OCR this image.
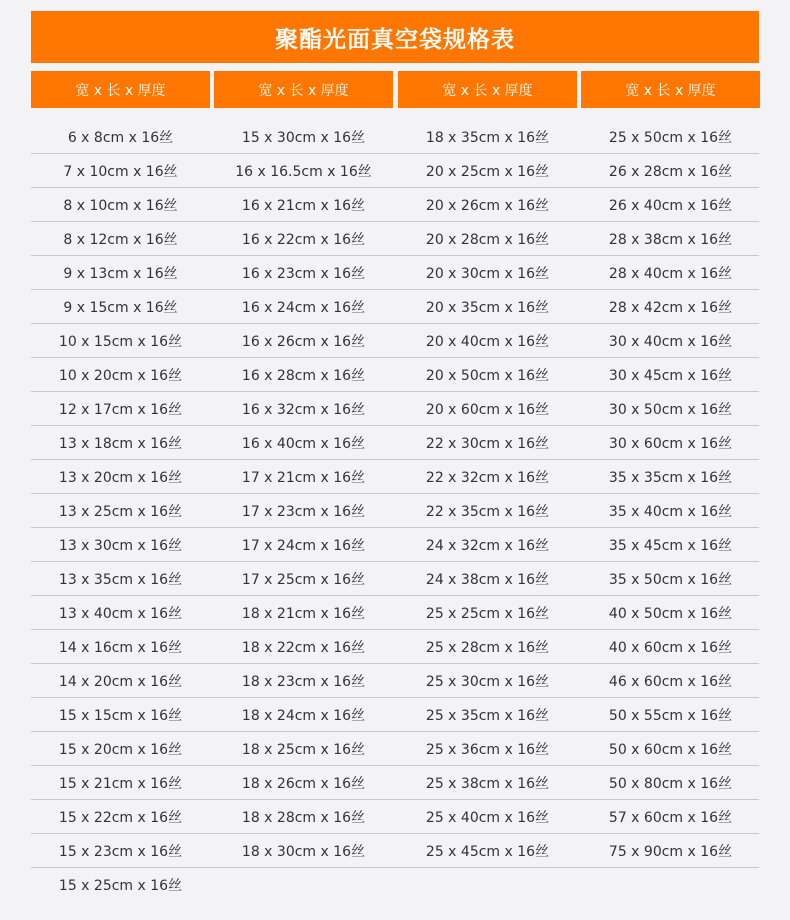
聚酯光面真空袋规格表
宽 x 长 x 厚度	宽 x 长 x 厚度	宽 x 长 x 厚度	宽 x 长 x 厚度
6 x 8cm x 16丝	15 x 30cm x 16丝	18 x 35cm x 16丝	25 x 50cm x 16丝
7 x 10cm x 16丝	16 x 16.5cm x 16丝	20 x 25cm x 16丝	26 x 28cm x 16丝
8 x 10cm x 16丝	16 x 21cm x 16丝	20 x 26cm x 16丝	26 x 40cm x 16丝
8 x 12cm x 16丝	16 x 22cm x 16丝	20 x 28cm x 16丝	28 x 38cm x 16丝
9 x 13cm x 16丝	16 x 23cm x 16丝	20 x 30cm x 16丝	28 x 40cm x 16丝
9 x 15cm x 16丝	16 x 24cm x 16丝	20 x 35cm x 16丝	28 x 42cm x 16丝
10 x 15cm x 16丝	16 x 26cm x 16丝	20 x 40cm x 16丝	30 x 40cm x 16丝
10 x 20cm x 16丝	16 x 28cm x 16丝	20 x 50cm x 16丝	30 x 45cm x 16丝
12 x 17cm x 16丝	16 x 32cm x 16丝	20 x 60cm x 16丝	30 x 50cm x 16丝
13 x 18cm x 16丝	16 x 40cm x 16丝	22 x 30cm x 16丝	30 x 60cm x 16丝
13 x 20cm x 16丝	17 x 21cm x 16丝	22 x 32cm x 16丝	35 x 35cm x 16丝
13 x 25cm x 16丝	17 x 23cm x 16丝	22 x 35cm x 16丝	35 x 40cm x 16丝
13 x 30cm x 16丝	17 x 24cm x 16丝	24 x 32cm x 16丝	35 x 45cm x 16丝
13 x 35cm x 16丝	17 x 25cm x 16丝	24 x 38cm x 16丝	35 x 50cm x 16丝
13 x 40cm x 16丝	18 x 21cm x 16丝	25 x 25cm x 16丝	40 x 50cm x 16丝
14 x 16cm x 16丝	18 x 22cm x 16丝	25 x 28cm x 16丝	40 x 60cm x 16丝
14 x 20cm x 16丝	18 x 23cm x 16丝	25 x 30cm x 16丝	46 x 60cm x 16丝
15 x 15cm x 16丝	18 x 24cm x 16丝	25 x 35cm x 16丝	50 x 55cm x 16丝
15 x 20cm x 16丝	18 x 25cm x 16丝	25 x 36cm x 16丝	50 x 60cm x 16丝
15 x 21cm x 16丝	18 x 26cm x 16丝	25 x 38cm x 16丝	50 x 80cm x 16丝
15 x 22cm x 16丝	18 x 28cm x 16丝	25 x 40cm x 16丝	57 x 60cm x 16丝
15 x 23cm x 16丝	18 x 30cm x 16丝	25 x 45cm x 16丝	75 x 90cm x 16丝
15 x 25cm x 16丝
